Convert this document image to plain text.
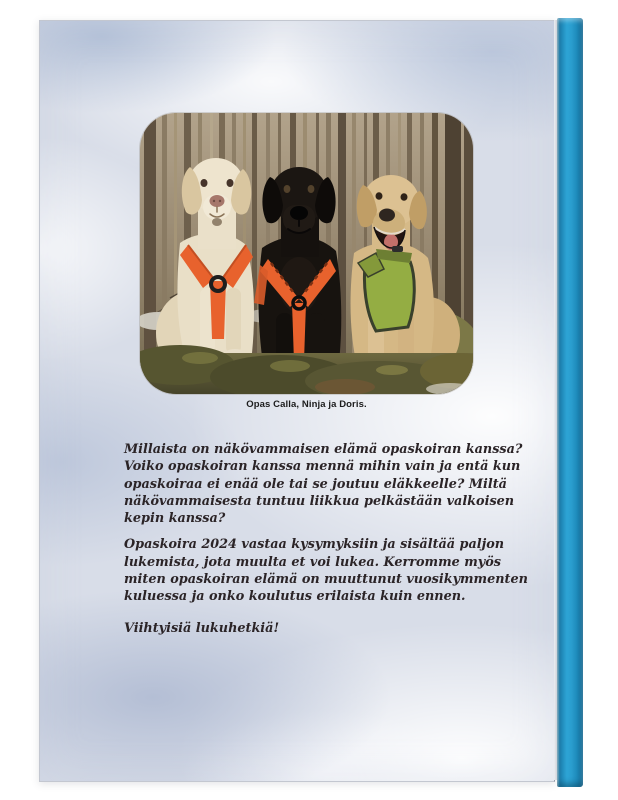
Opas Calla, Ninja ja Doris.
Millaista on näkövammaisen elämä opaskoiran kanssa?
Voiko opaskoiran kanssa mennä mihin vain ja entä kun
opaskoiraa ei enää ole tai se joutuu eläkkeelle? Miltä
näkövammaisesta tuntuu liikkua pelkästään valkoisen
kepin kanssa?
Opaskoira 2024 vastaa kysymyksiin ja sisältää paljon
lukemista, jota muulta et voi lukea. Kerromme myös
miten opaskoiran elämä on muuttunut vuosikymmenten
kuluessa ja onko koulutus erilaista kuin ennen.
Viihtyisiä lukuhetkiä!
